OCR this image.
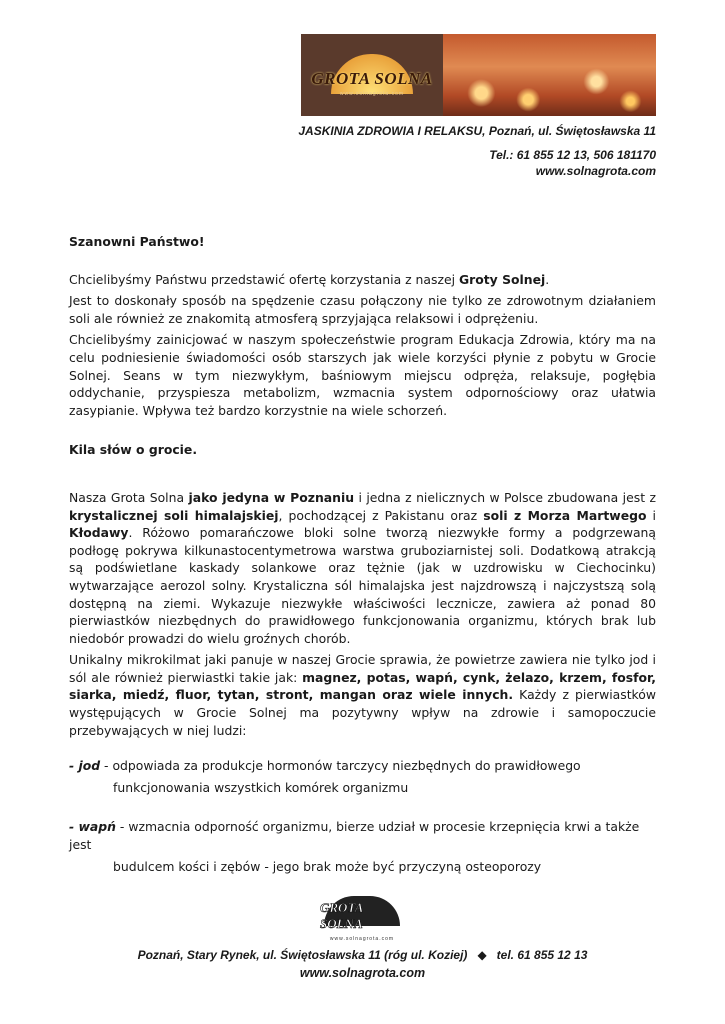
GROTA SOLNA
www.solnagrota.com
JASKINIA ZDROWIA I RELAKSU, Poznań, ul. Świętosławska 11
Tel.: 61 855 12 13, 506 181170
www.solnagrota.com

Szanowni Państwo!

Chcielibyśmy Państwu przedstawić ofertę korzystania z naszej Groty Solnej.

Jest to doskonały sposób na spędzenie czasu połączony nie tylko ze zdrowotnym działaniem soli ale również ze znakomitą atmosferą sprzyjająca relaksowi i odprężeniu.

Chcielibyśmy zainicjować w naszym społeczeństwie program Edukacja Zdrowia, który ma na celu podniesienie świadomości osób starszych jak wiele korzyści płynie z pobytu w Grocie Solnej. Seans w tym niezwykłym, baśniowym miejscu odpręża, relaksuje, pogłębia oddychanie, przyspiesza metabolizm, wzmacnia system odpornościowy oraz ułatwia zasypianie. Wpływa też bardzo korzystnie na wiele schorzeń.

Kila słów o grocie.

Nasza Grota Solna jako jedyna w Poznaniu i jedna z nielicznych w Polsce zbudowana jest z krystalicznej soli himalajskiej, pochodzącej z Pakistanu oraz soli z Morza Martwego i Kłodawy. Różowo pomarańczowe bloki solne tworzą niezwykłe formy a podgrzewaną podłogę pokrywa kilkunastocentymetrowa warstwa gruboziarnistej soli. Dodatkową atrakcją są podświetlane kaskady solankowe oraz tężnie (jak w uzdrowisku w Ciechocinku) wytwarzające aerozol solny. Krystaliczna sól himalajska jest najzdrowszą i najczystszą solą dostępną na ziemi. Wykazuje niezwykłe właściwości lecznicze, zawiera aż ponad 80 pierwiastków niezbędnych do prawidłowego funkcjonowania organizmu, których brak lub niedobór prowadzi do wielu groźnych chorób.

Unikalny mikrokilmat jaki panuje w naszej Grocie sprawia, że powietrze zawiera nie tylko jod i sól ale również pierwiastki takie jak: magnez, potas, wapń, cynk, żelazo, krzem, fosfor, siarka, miedź, fluor, tytan, stront, mangan oraz wiele innych. Każdy z pierwiastków występujących w Grocie Solnej ma pozytywny wpływ na zdrowie i samopoczucie przebywających w niej ludzi:

- jod - odpowiada za produkcje hormonów tarczycy niezbędnych do prawidłowego

funkcjonowania wszystkich komórek organizmu

- wapń - wzmacnia odporność organizmu, bierze udział w procesie krzepnięcia krwi a także jest

budulcem kości i zębów - jego brak może być przyczyną osteoporozy

GROTA SOLNA
www.solnagrota.com
Poznań, Stary Rynek, ul. Świętosławska 11 (róg ul. Koziej) ◆ tel. 61 855 12 13
www.solnagrota.com
